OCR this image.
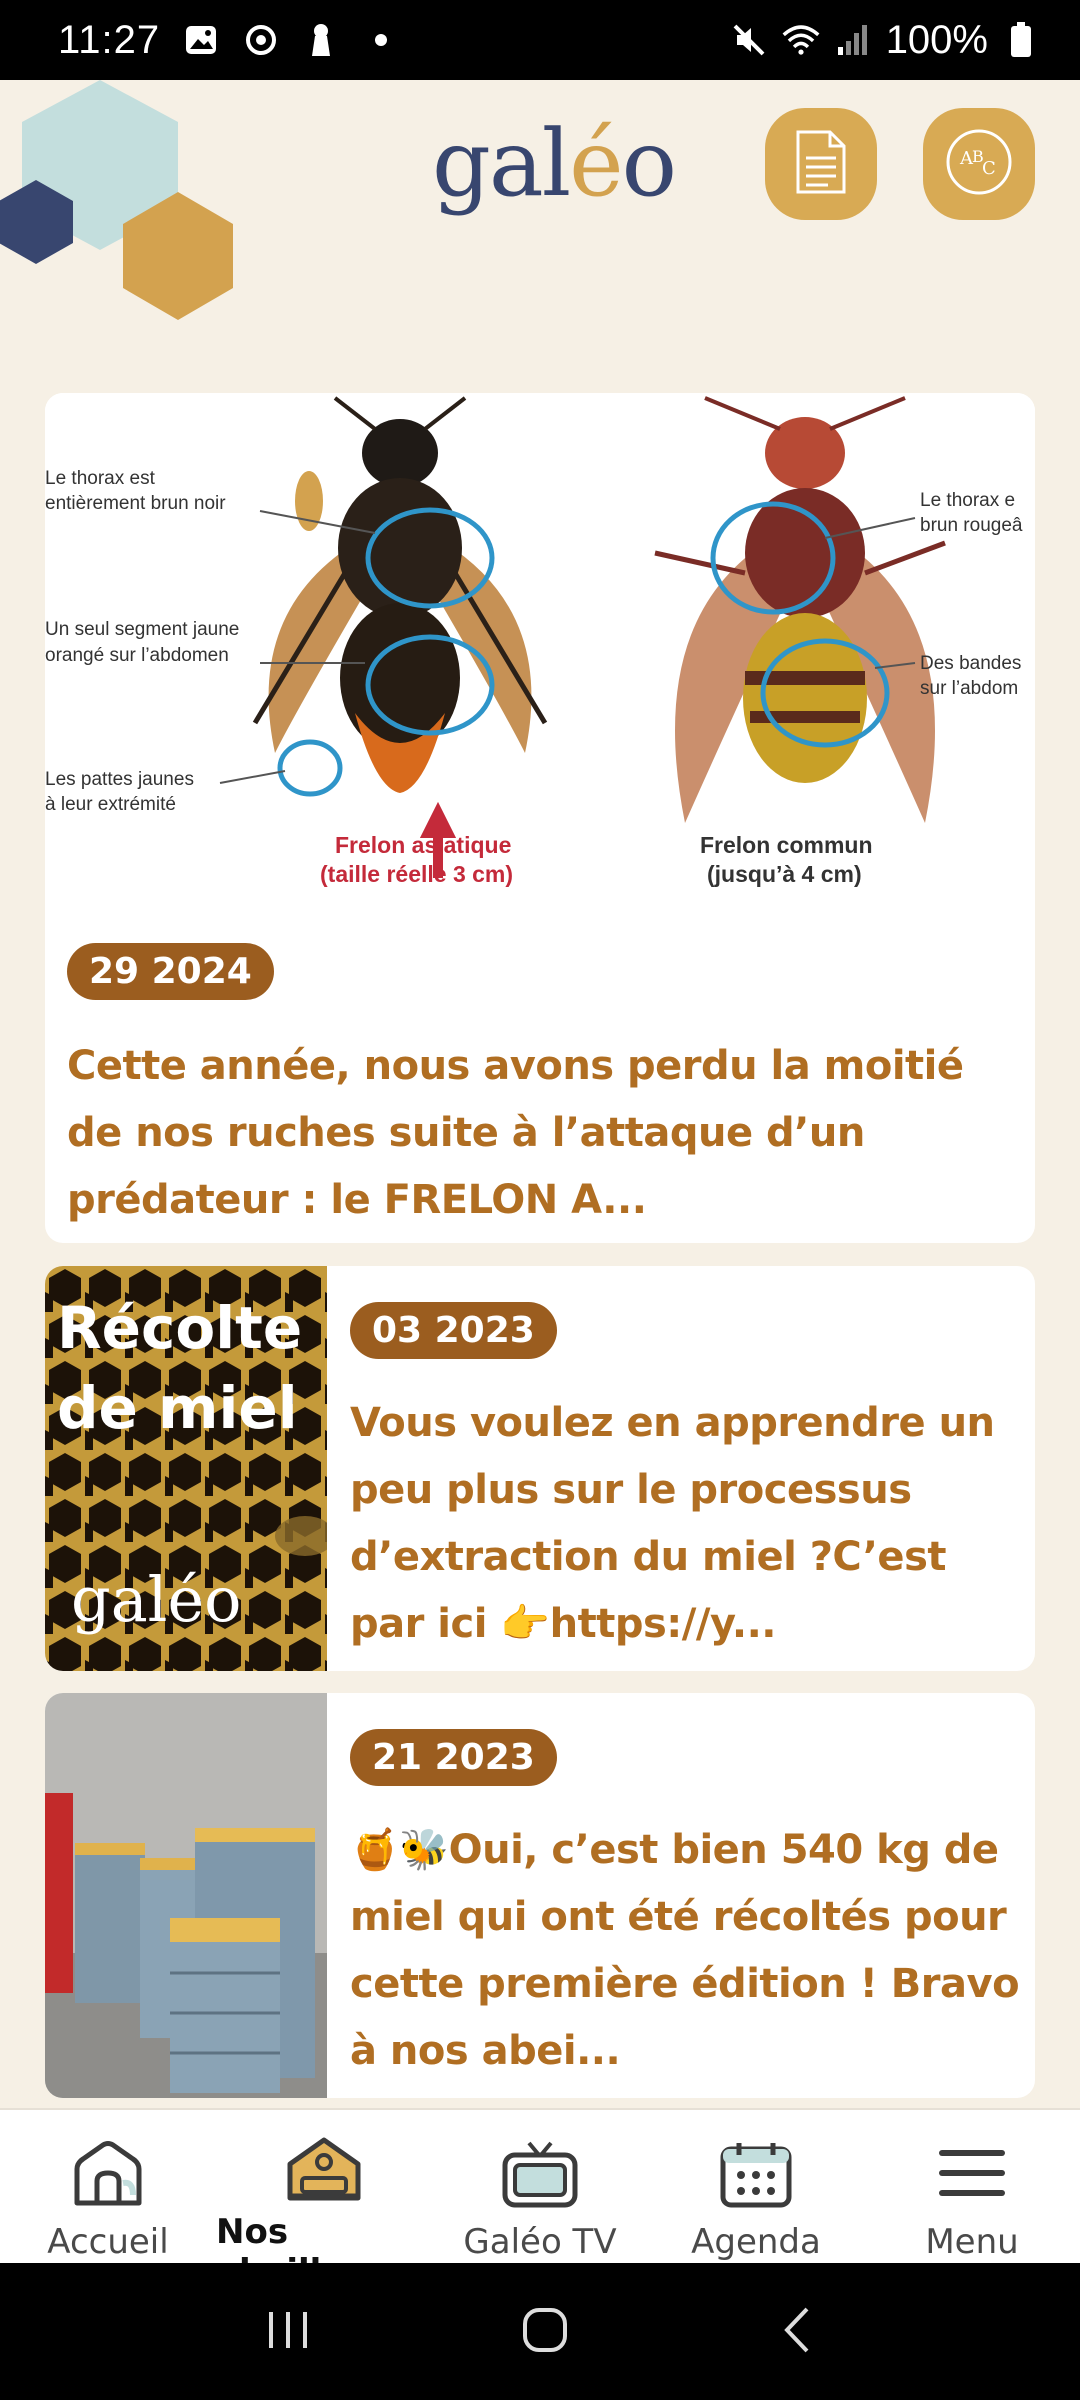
11:27	100%
galéo	A B
C
Le thorax est
entièrement brun noir
Un seul segment jaune
orangé sur l’abdomen
Les pattes jaunes
à leur extrémité
Le thorax e
brun rougeâ
Des bandes
sur l’abdom
Frelon asiatique
(taille réelle 3 cm)
Frelon commun
(jusqu’à 4 cm)
29 2024
Cette année, nous avons perdu la moitié de nos ruches suite à l’attaque d’un prédateur : le FRELON A...
Récolte
de miel
galéo
03 2023
Vous voulez en apprendre un peu plus sur le processus d’extraction du miel ?C’est par ici 👉https://y...
21 2023
🍯🐝Oui, c’est bien 540 kg de miel qui ont été récoltés pour cette première édition ! Bravo à nos abei...
Accueil Nos	Galéo TV Agenda	Menu
